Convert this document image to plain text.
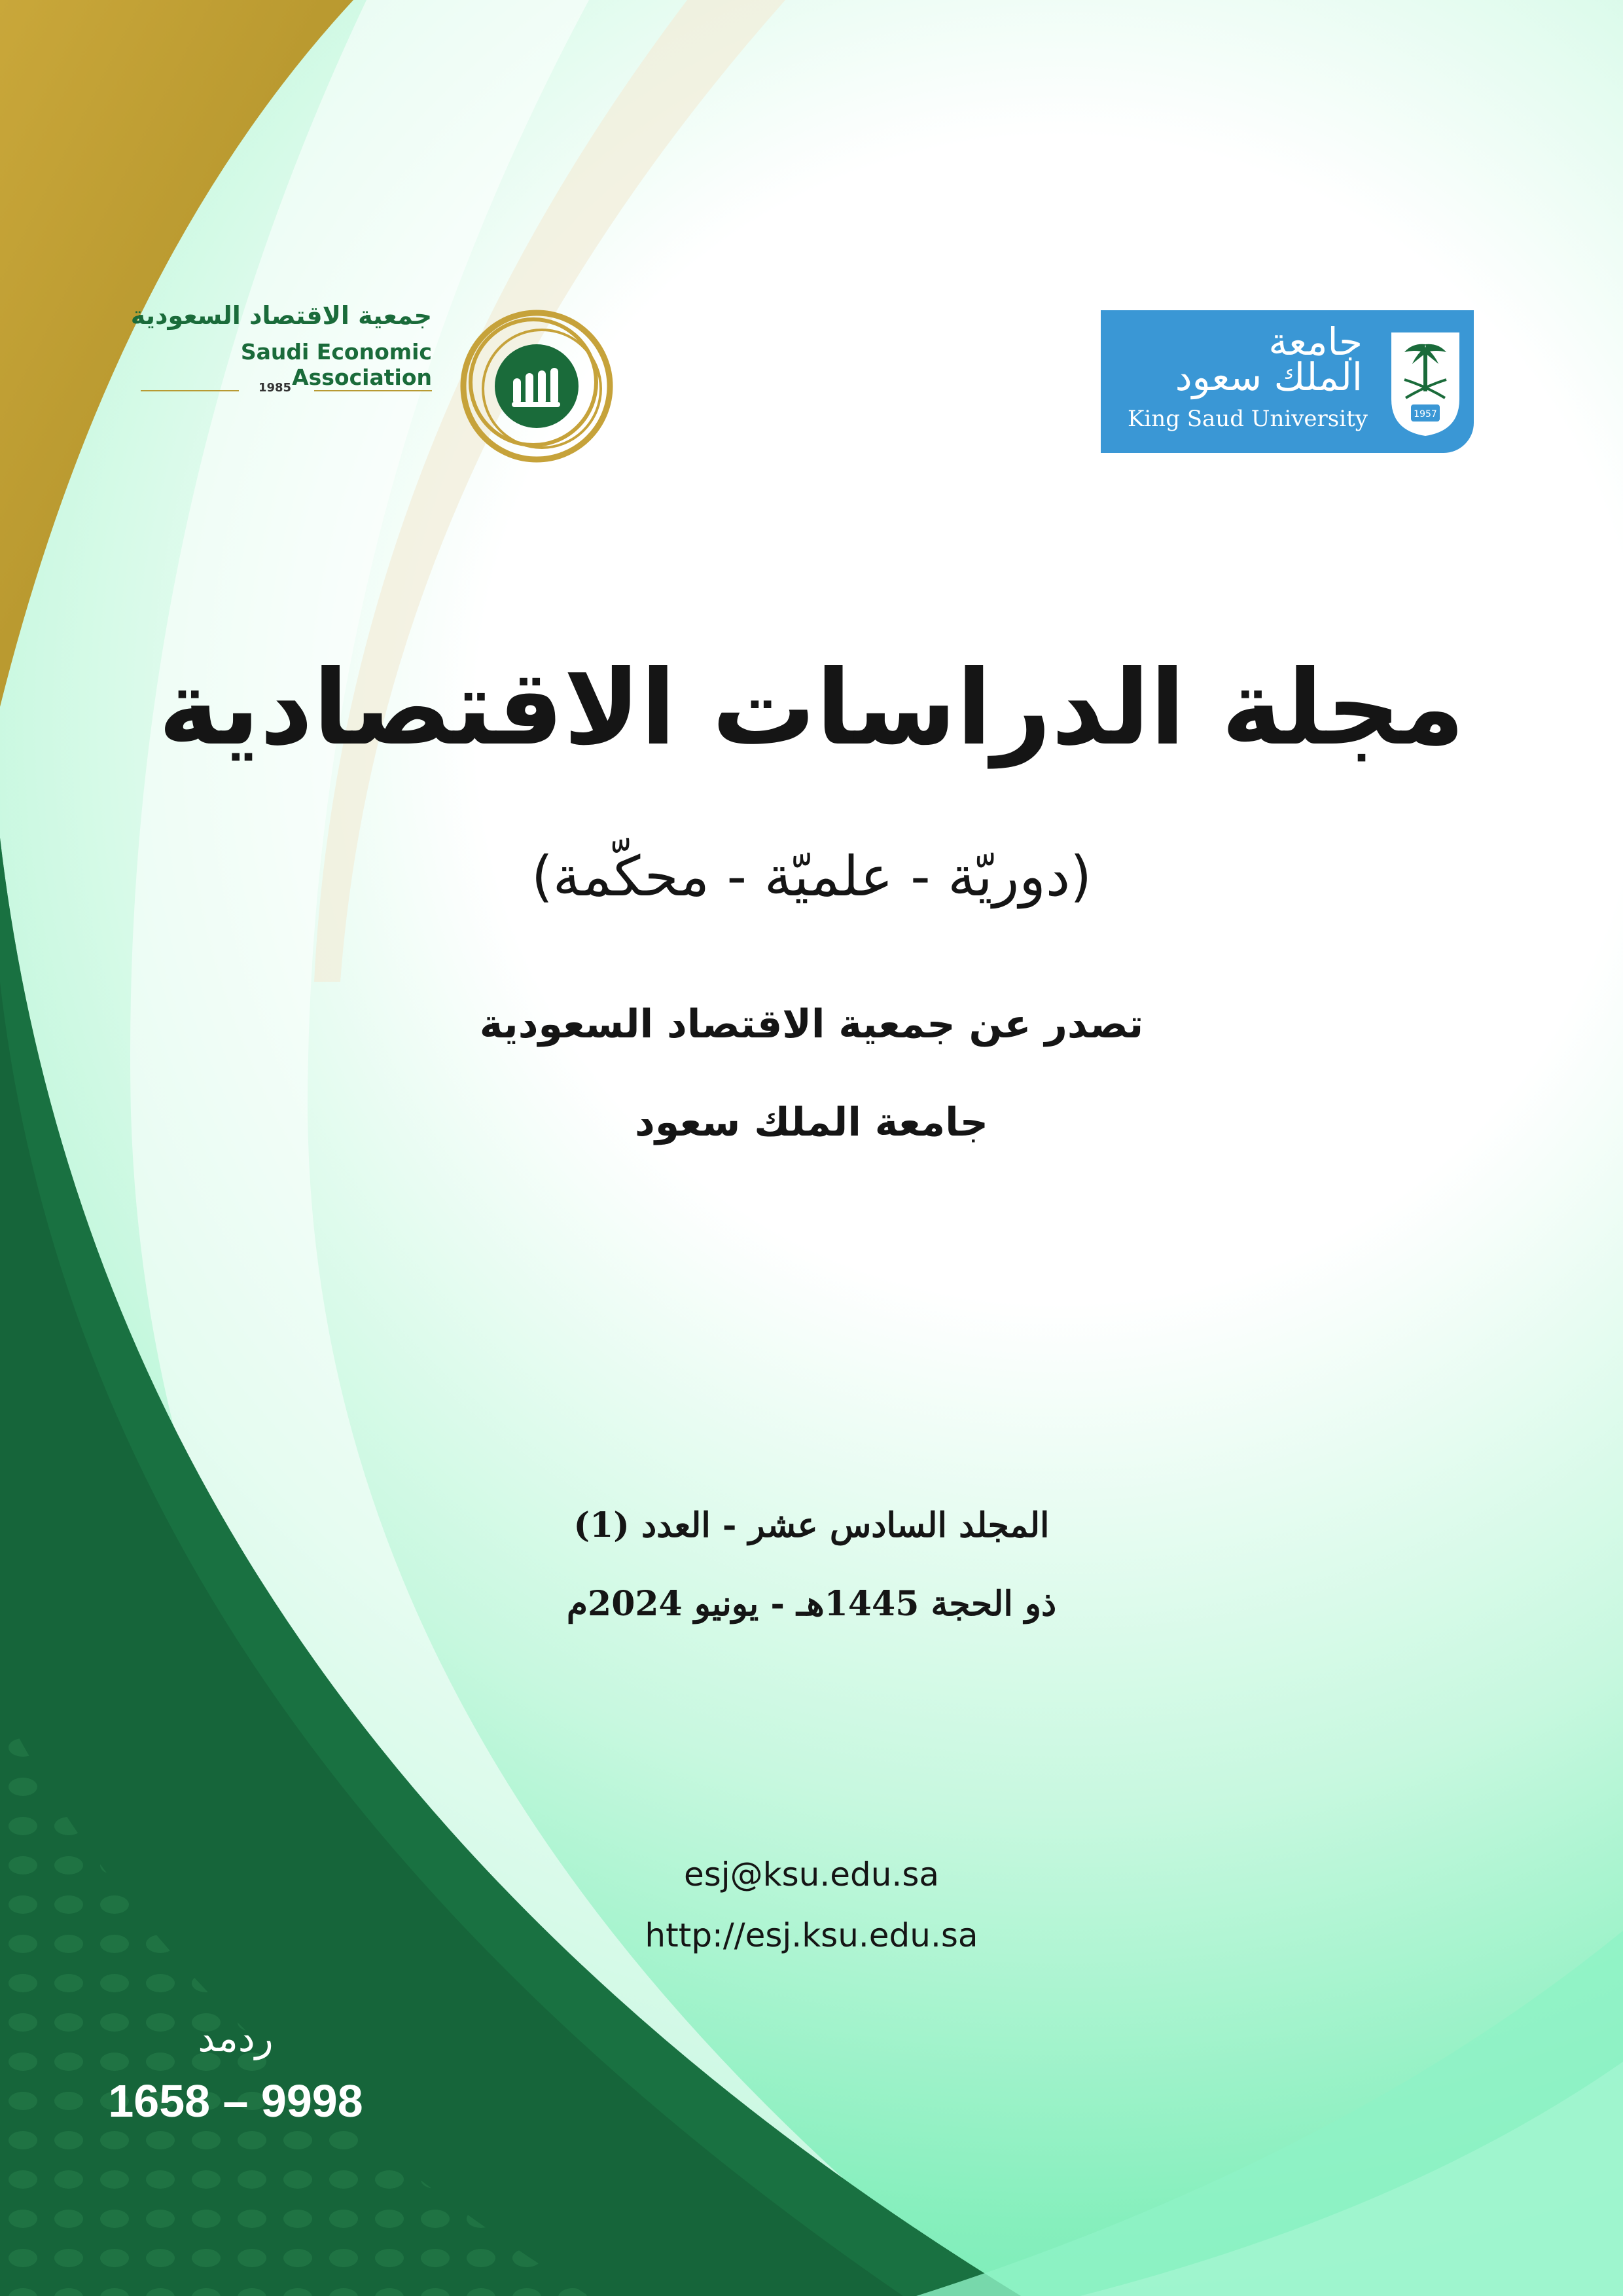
جمعية الاقتصاد السعودية
Saudi Economic Association
1985
جامعة
الملك سعود
King Saud University	1957
مجلة الدراسات الاقتصادية
(دوريّة - علميّة - محكّمة)
تصدر عن جمعية الاقتصاد السعودية
جامعة الملك سعود
المجلد السادس عشر - العدد (1)
ذو الحجة 1445هـ - يونيو 2024م
esj@ksu.edu.sa
http://esj.ksu.edu.sa
ردمد
1658 – 9998
